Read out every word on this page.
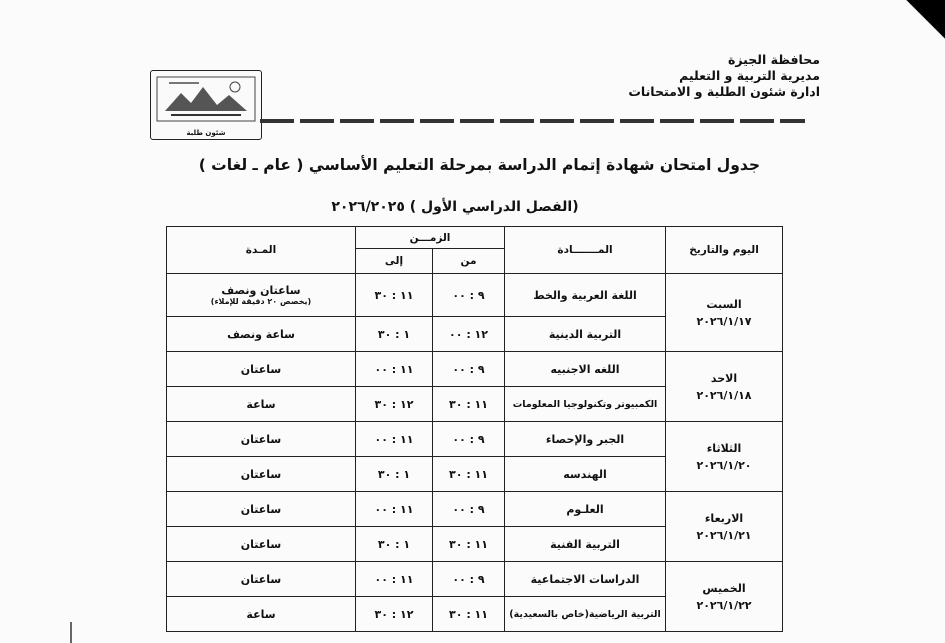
محافظة الجيزة
مديرية التربية و التعليم
ادارة شئون الطلبة و الامتحانات
شئون طلبة
جدول امتحان شهادة إتمام الدراسة بمرحلة التعليم الأساسي ( عام ـ لغات )
(الفصل الدراسي الأول ) ٢٠٢٦/٢٠٢٥
اليوم والتاريخ	المـــــــادة	الزمـــن		المـدة
		من	إلى	
السبت
٢٠٢٦/١/١٧	اللغة العربية والخط	٩ : ٠٠	١١ : ٣٠	ساعتان ونصف
(يخصص ٢٠ دقيقة للإملاء)

	التربية الدينية	١٢ : ٠٠	١ : ٣٠	ساعة ونصف
الاحد
٢٠٢٦/١/١٨	اللغه الاجنبيه	٩ : ٠٠	١١ : ٠٠	ساعتان
	الكمبيوتر وتكنولوجيا المعلومات	١١ : ٣٠	١٢ : ٣٠	ساعة
الثلاثاء
٢٠٢٦/١/٢٠	الجبر والإحصاء	٩ : ٠٠	١١ : ٠٠	ساعتان
	الهندسه	١١ : ٣٠	١ : ٣٠	ساعتان
الاربعاء
٢٠٢٦/١/٢١	العلـوم	٩ : ٠٠	١١ : ٠٠	ساعتان
	التربية الفنية	١١ : ٣٠	١ : ٣٠	ساعتان
الخميس
٢٠٢٦/١/٢٢	الدراسات الاجتماعية	٩ : ٠٠	١١ : ٠٠	ساعتان
	التربية الرياضية(خاص بالسعيدية)	١١ : ٣٠	١٢ : ٣٠	ساعة
